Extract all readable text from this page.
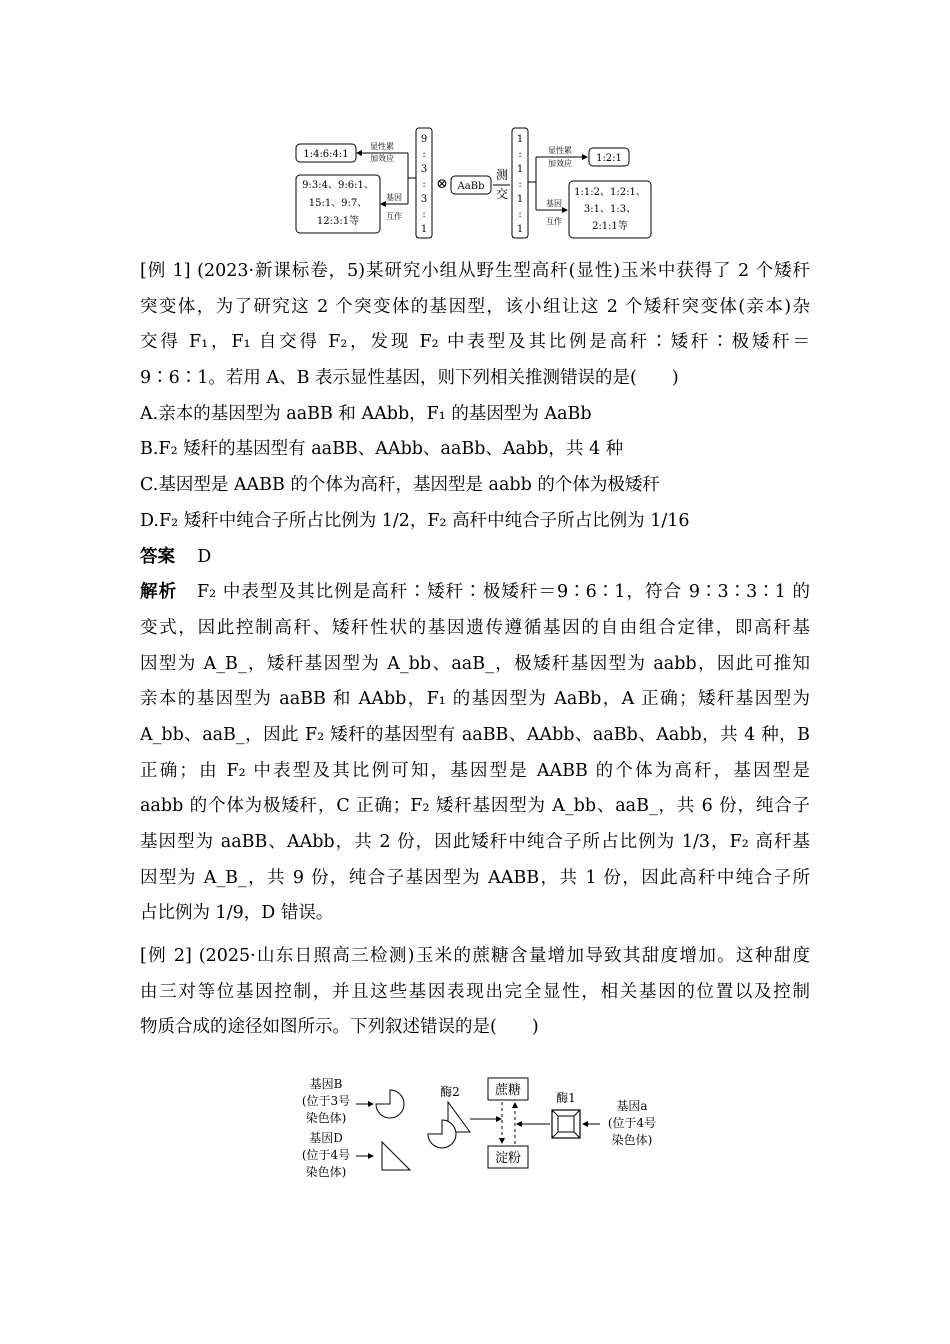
1:4:6:4:1
显性累
加效应
9:3:4、9:6:1、
15:1、9:7、
12:3:1等
基因
互作
9
:
3
:
3
:
1
⊗ AaBb
测
交
1
:
1
:
1
:
1
显性累
加效应 1:2:1
基因
互作
1:1:2、1:2:1、
3:1、1:3、
2:1:1等
[例 1] (2023·新课标卷，5)某研究小组从野生型高秆(显性)玉米中获得了 2 个矮秆
突变体，为了研究这 2 个突变体的基因型，该小组让这 2 个矮秆突变体(亲本)杂
交得 F₁，F₁ 自交得 F₂，发现 F₂ 中表型及其比例是高秆∶矮秆∶极矮秆＝
9∶6∶1。若用 A、B 表示显性基因，则下列相关推测错误的是(　　)
A.亲本的基因型为 aaBB 和 AAbb，F₁ 的基因型为 AaBb
B.F₂ 矮秆的基因型有 aaBB、AAbb、aaBb、Aabb，共 4 种
C.基因型是 AABB 的个体为高秆，基因型是 aabb 的个体为极矮秆
D.F₂ 矮秆中纯合子所占比例为 1/2，F₂ 高秆中纯合子所占比例为 1/16
答案 D
解析 F₂ 中表型及其比例是高秆∶矮秆∶极矮秆＝9∶6∶1，符合 9∶3∶3∶1 的
变式，因此控制高秆、矮秆性状的基因遗传遵循基因的自由组合定律，即高秆基
因型为 A_B_，矮秆基因型为 A_bb、aaB_，极矮秆基因型为 aabb，因此可推知
亲本的基因型为 aaBB 和 AAbb，F₁ 的基因型为 AaBb，A 正确；矮秆基因型为
A_bb、aaB_，因此 F₂ 矮秆的基因型有 aaBB、AAbb、aaBb、Aabb，共 4 种，B
正确；由 F₂ 中表型及其比例可知，基因型是 AABB 的个体为高秆，基因型是
aabb 的个体为极矮秆，C 正确；F₂ 矮秆基因型为 A_bb、aaB_，共 6 份，纯合子
基因型为 aaBB、AAbb，共 2 份，因此矮秆中纯合子所占比例为 1/3，F₂ 高秆基
因型为 A_B_，共 9 份，纯合子基因型为 AABB，共 1 份，因此高秆中纯合子所
占比例为 1/9，D 错误。
[例 2] (2025·山东日照高三检测)玉米的蔗糖含量增加导致其甜度增加。这种甜度
由三对等位基因控制，并且这些基因表现出完全显性，相关基因的位置以及控制
物质合成的途径如图所示。下列叙述错误的是(　　)
基因B
(位于3号
染色体)
基因D
(位于4号
染色体)
酶2	蔗糖
淀粉
酶1
基因a
(位于4号
染色体)
